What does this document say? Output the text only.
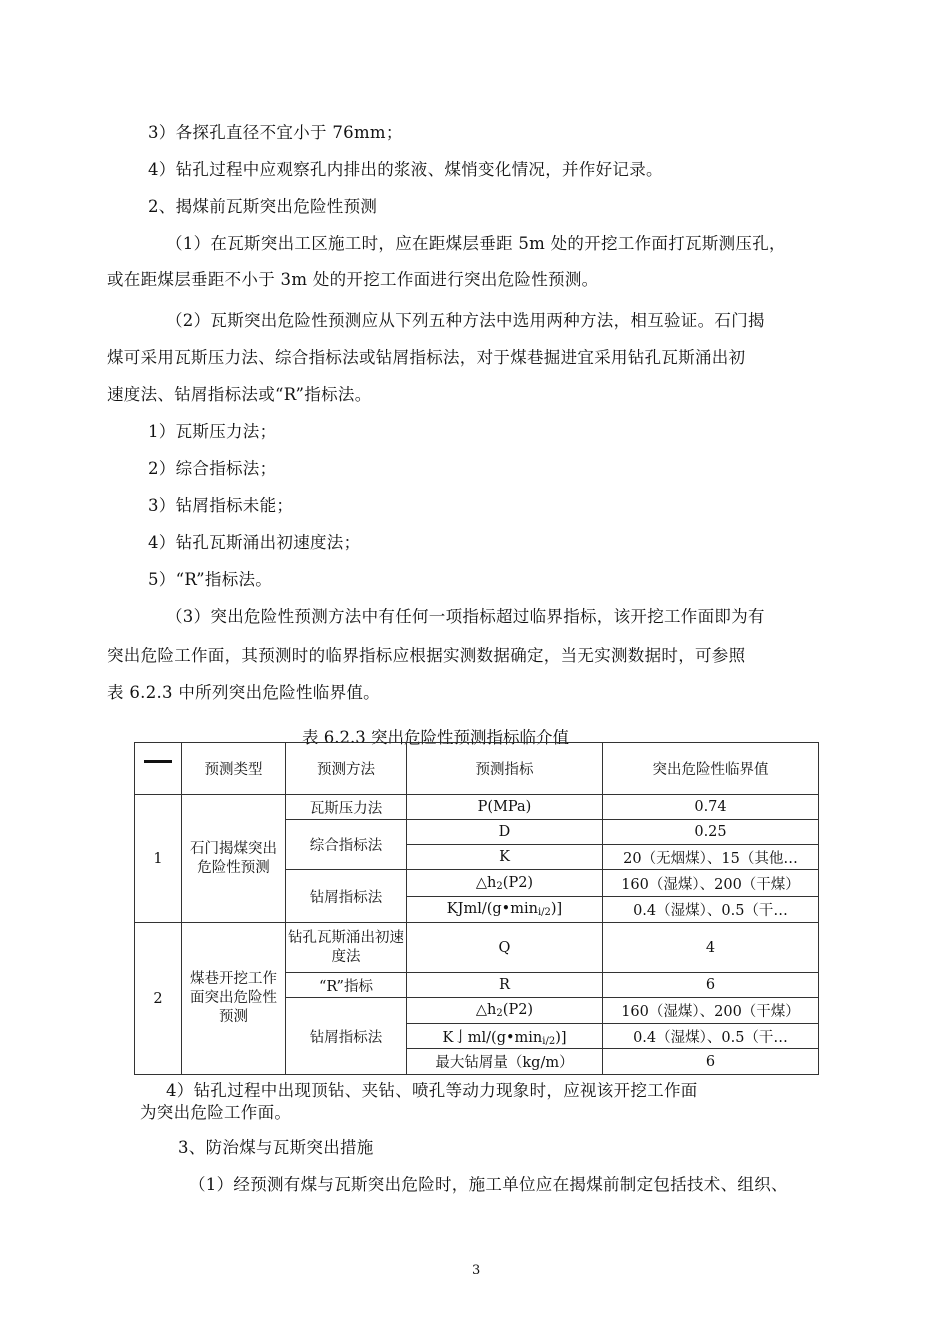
3）各探孔直径不宜小于 76mm；
4）钻孔过程中应观察孔内排出的浆液、煤悄变化情况，并作好记录。
2、揭煤前瓦斯突出危险性预测
（1）在瓦斯突出工区施工时，应在距煤层垂距 5m 处的开挖工作面打瓦斯测压孔，
或在距煤层垂距不小于 3m 处的开挖工作面进行突出危险性预测。
（2）瓦斯突出危险性预测应从下列五种方法中选用两种方法，相互验证。石门揭
煤可采用瓦斯压力法、综合指标法或钻屑指标法，对于煤巷掘进宜采用钻孔瓦斯涌出初
速度法、钻屑指标法或“R”指标法。
1）瓦斯压力法；
2）综合指标法；
3）钻屑指标未能；
4）钻孔瓦斯涌出初速度法；
5）“R”指标法。
（3）突出危险性预测方法中有任何一项指标超过临界指标，该开挖工作面即为有
突出危险工作面，其预测时的临界指标应根据实测数据确定，当无实测数据时，可参照
表 6.2.3 中所列突出危险性临界值。
表 6.2.3 突出危险性预测指标临介值
	预测类型	预测方法	预测指标	突出危险性临界值
1	石门揭煤突出危险性预测	瓦斯压力法	P(MPa)	0.74
		综合指标法	D	0.25
			K	20（无烟煤）、15（其他…
		钻屑指标法	$\triangle h_2(P2)$	160（湿煤）、200（干煤）
			KJml/$(g•\min_{i/2})$]	0.4（湿煤）、0.5（干…
2	煤巷开挖工作面突出危险性预测	钻孔瓦斯涌出初速度法	Q	4
		“R”指标	R	6
		钻屑指标法	$\triangle h_2(P2)$	160（湿煤）、200（干煤）
			K亅$ml/(g•\min_{i/2})$]	0.4（湿煤）、0.5（干…
			最大钻屑量（kg/m）	6
4）钻孔过程中出现顶钻、夹钻、喷孔等动力现象时，应视该开挖工作面
为突出危险工作面。
3、防治煤与瓦斯突出措施
（1）经预测有煤与瓦斯突出危险时，施工单位应在揭煤前制定包括技术、组织、
3
